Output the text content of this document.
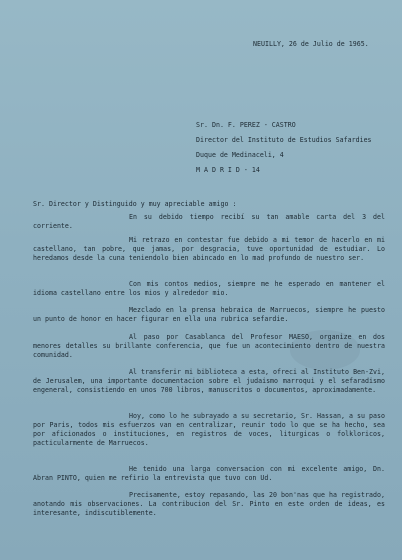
NEUILLY, 26 de Julio de 1965.
Sr. Dn. F. PEREZ - CASTRO
Director del Instituto de Estudios Safardies
Duque de Medinaceli, 4
M A D R I D - 14
Sr. Director y Distinguido y muy apreciable amigo :

En su debido tiempo recibí su tan amable carta del 3 del corriente.

Mi retrazo en contestar fue debido a mi temor de hacerlo en mi castellano, tan pobre, que jamas, por desgracia, tuve oportunidad de estudiar. Lo heredamos desde la cuna teniendolo bien abincado en lo mad profundo de nuestro ser.

Con mis contos medios, siempre me he esperado en mantener el idioma castellano entre los mios y alrededor mio.

Mezclado en la prensa hebraica de Marruecos, siempre he puesto un punto de honor en hacer figurar en ella una rubrica sefardie.

Al paso por Casablanca del Profesor MAESO, organize en dos menores detalles su brillante conferencia, que fue un acontecimiento dentro de nuestra comunidad.

Al transferir mi biblioteca a esta, ofreci al Instituto Ben-Zvi, de Jerusalem, una importante documentacion sobre el judaismo marroqui y el sefaradismo engeneral, consistiendo en unos 700 libros, manuscritos o documentos, aproximadamente.

Hoy, como lo he subrayado a su secretario, Sr. Hassan, a su paso por Paris, todos mis esfuerzos van en centralizar, reunir todo lo que se ha hecho, sea por aficionados o instituciones, en registros de voces, liturgicas o folkloricos, pacticularmente de Marruecos.

He tenido una larga conversacion con mi excelente amigo, Dn. Abran PINTO, quien me refirio la entrevista que tuvo con Ud.

Precisamente, estoy repasando, las 20 bon'nas que ha registrado, anotando mis observaciones. La contribucion del Sr. Pinto en este orden de ideas, es interesante, indiscutiblemente.
